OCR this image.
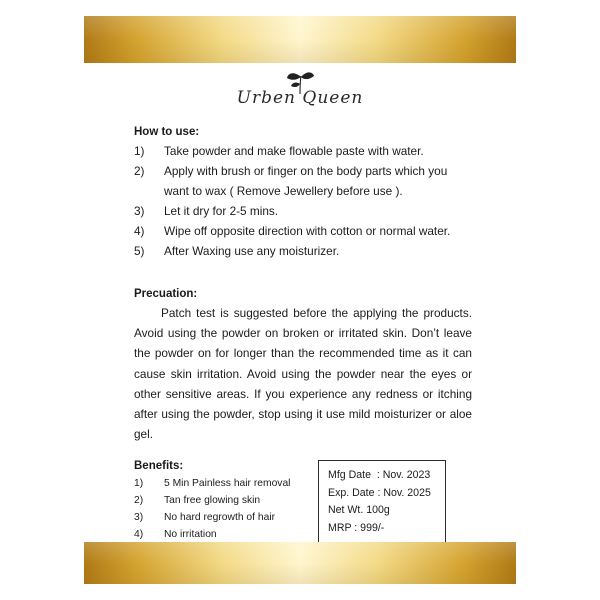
Urben Queen
How to use:
1)	Take powder and make flowable paste with water.
2)	Apply with brush or finger on the body parts which you want to wax ( Remove Jewellery before use ).
3)	Let it dry for 2-5 mins.
4)	Wipe off opposite direction with cotton or normal water.
5)	After Waxing use any moisturizer.
Precuation:

Patch test is suggested before the applying the products. Avoid using the powder on broken or irritated skin. Don’t leave the powder on for longer than the recommended time as it can cause skin irritation. Avoid using the powder near the eyes or other sensitive areas. If you experience any redness or itching after using the powder, stop using it use mild moisturizer or aloe gel.

Benefits:
1)	5 Min Painless hair removal
2)	Tan free glowing skin
3)	No hard regrowth of hair
4)	No irritation
Mfg Date  : Nov. 2023
Exp. Date : Nov. 2025
Net Wt. 100g
MRP : 999/-
